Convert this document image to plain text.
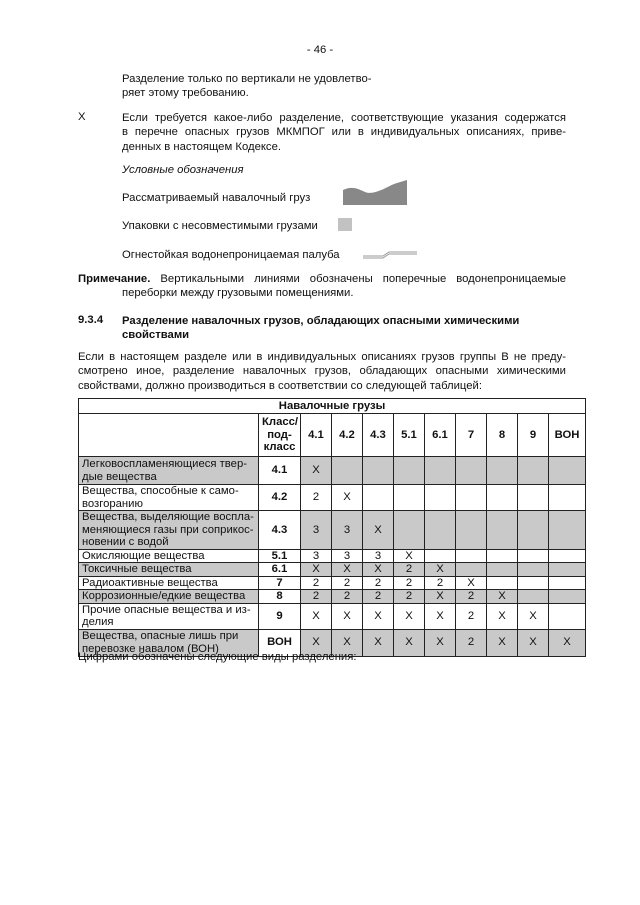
- 46 -

Разделение только по вертикали не удовлетво-

ряет этому требованию.

X	Если требуется какое-либо разделение, соответствующие указания содержатся

в перечне опасных грузов МКМПОГ или в индивидуальных описаниях, приве-

денных в настоящем Кодексе.

Условные обозначения
Рассматриваемый навалочный груз
Упаковки с несовместимыми грузами
Огнестойкая водонепроницаемая палуба

Примечание. Вертикальными линиями обозначены поперечные водонепроницаемые

переборки между грузовыми помещениями.

9.3.4 Разделение навалочных грузов, обладающих опасными химическими

свойствами

Если в настоящем разделе или в индивидуальных описаниях грузов группы B не преду-

смотрено иное, разделение навалочных грузов, обладающих опасными химическими

свойствами, должно производиться в соответствии со следующей таблицей:

Навалочные грузы										

	Класс/
под-
класс	4.1	4.2	4.3	5.1	6.1	7	8	9	ВОН

Легковоспламеняющиеся твер-
дые вещества	4.1	X								

Вещества, способные к само-
возгоранию	4.2	2	X							

Вещества, выделяющие воспла-
меняющиеся газы при соприкос-
новении с водой	4.3	3	3	X						

Окисляющие вещества	5.1	3	3	3	X					

Токсичные вещества	6.1	X	X	X	2	X				

Радиоактивные вещества	7	2	2	2	2	2	X			

Коррозионные/едкие вещества	8	2	2	2	2	X	2	X		

Прочие опасные вещества и из-
делия	9	X	X	X	X	X	2	X	X	

Вещества, опасные лишь при
перевозке навалом (ВОН)	ВОН	X	X	X	X	X	2	X	X	X
Цифрами обозначены следующие виды разделения:
